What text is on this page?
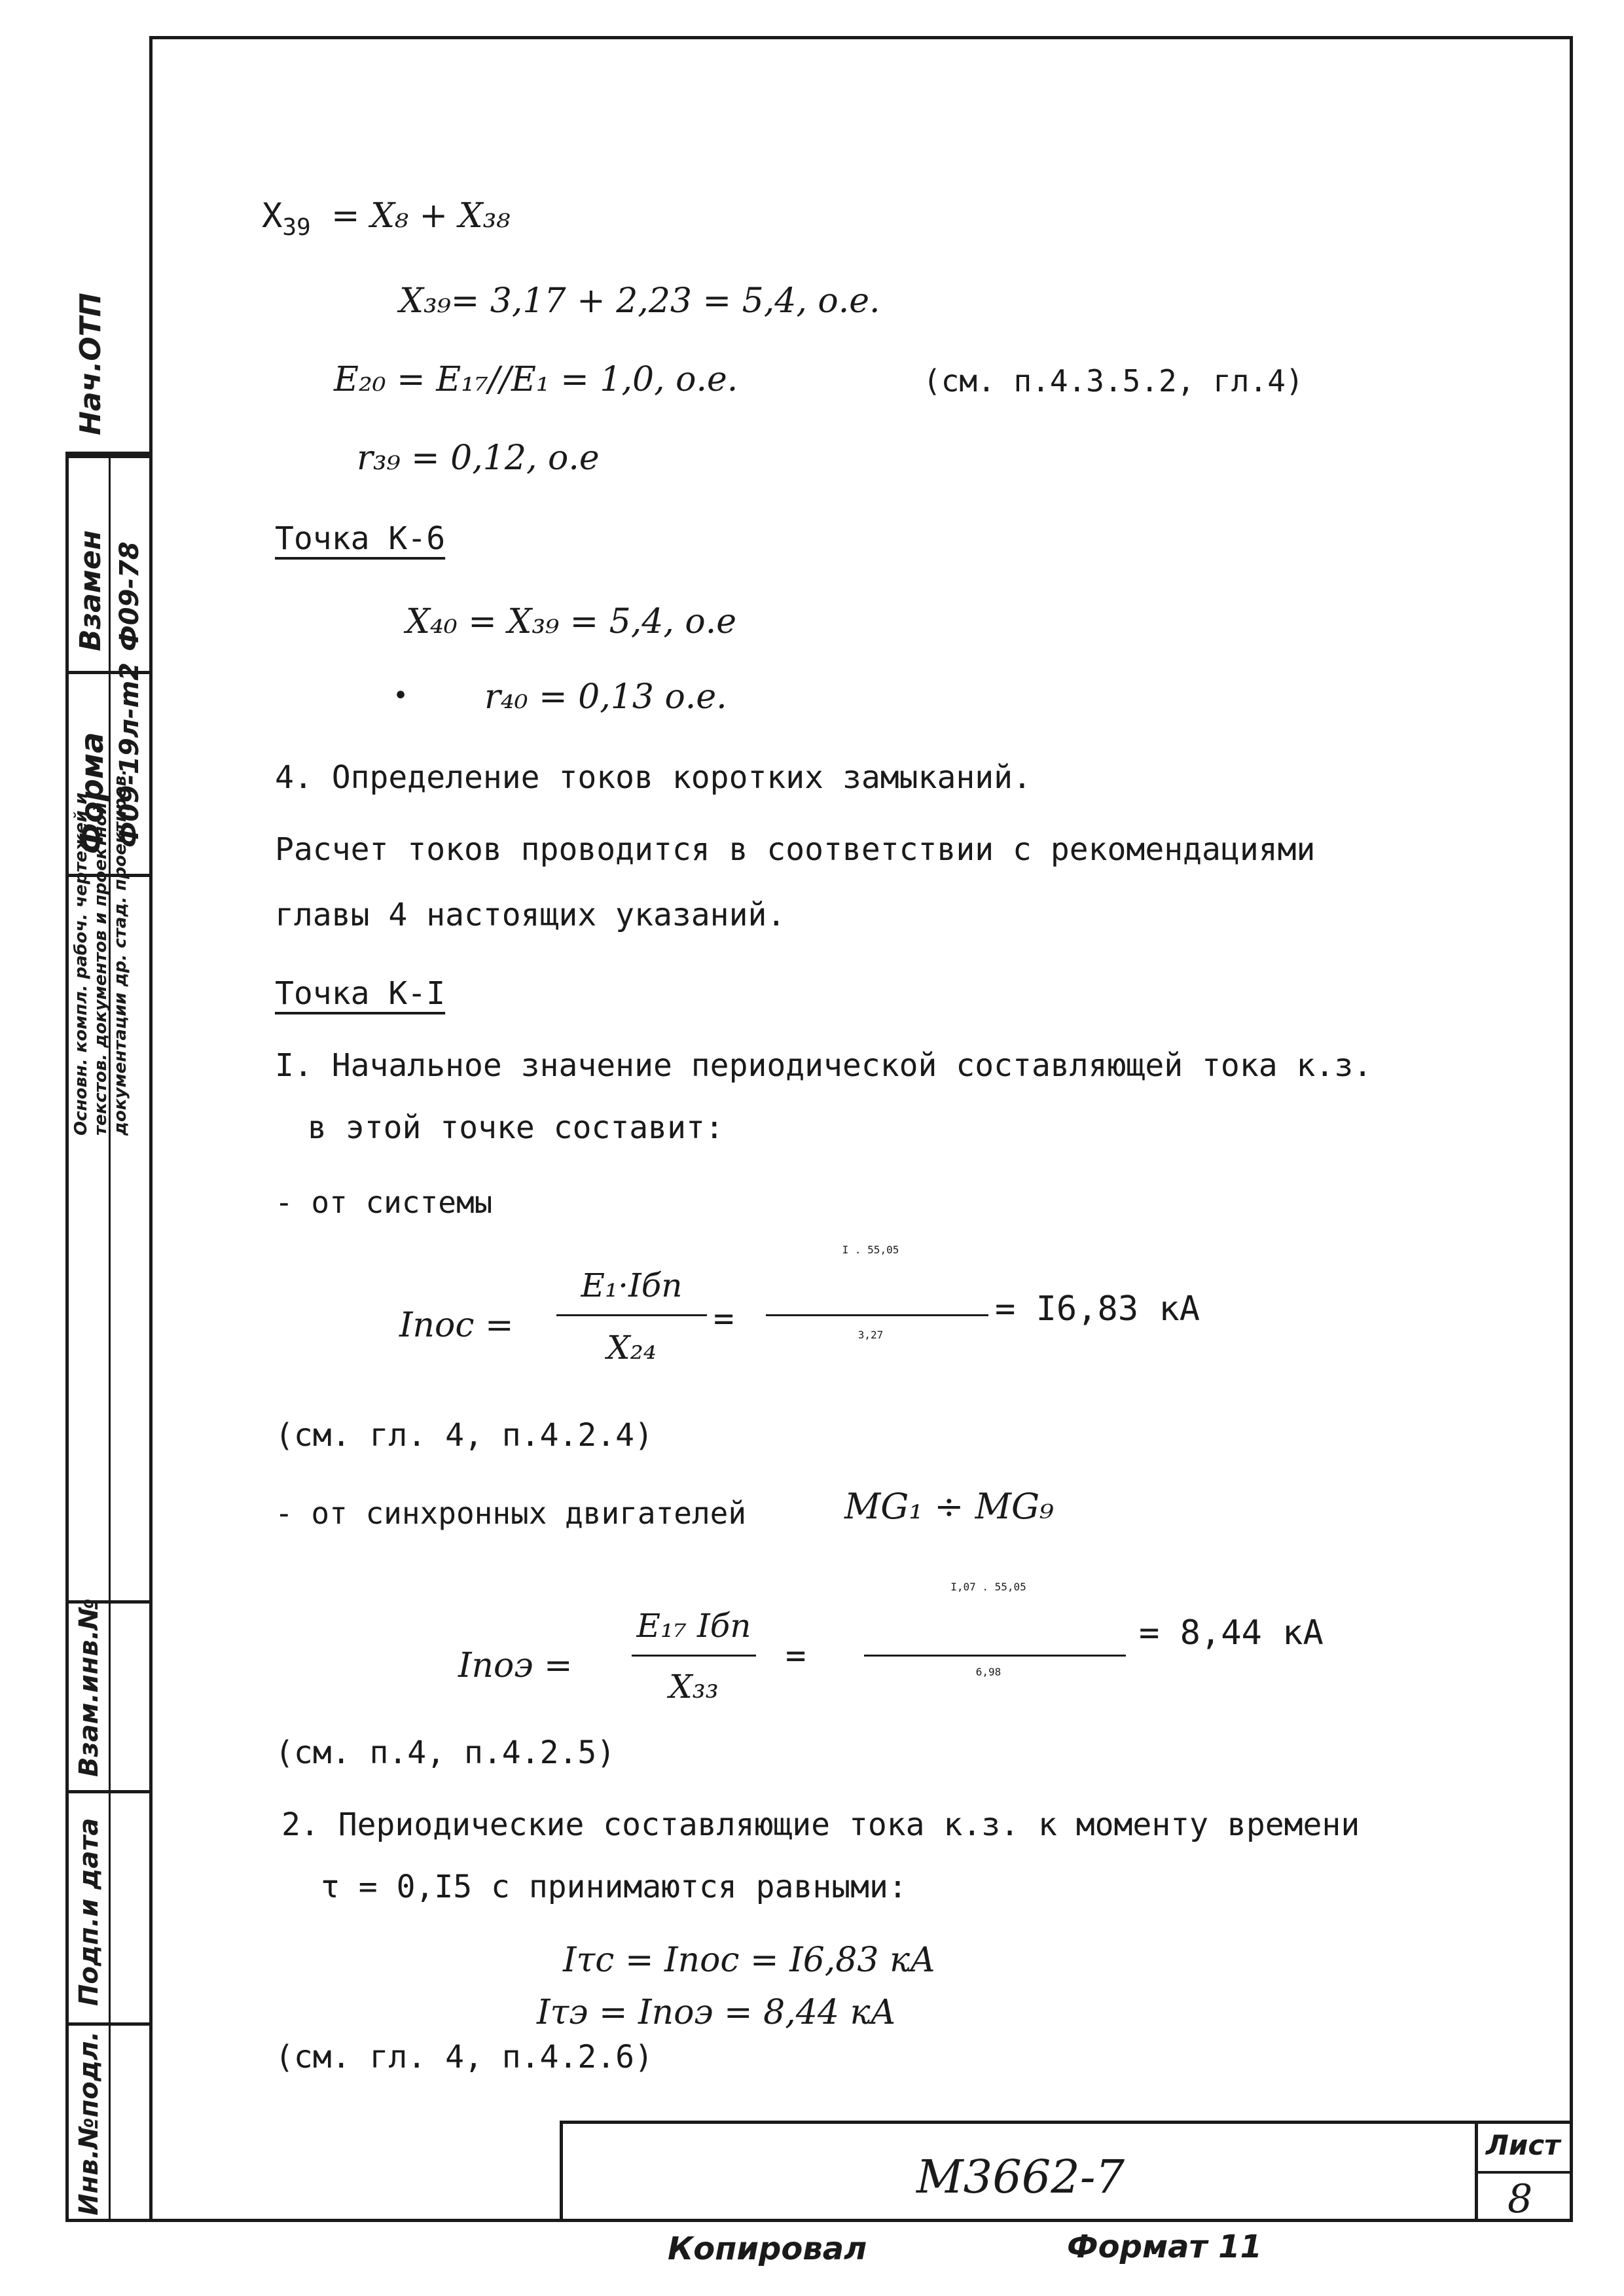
Нач.ОТП
Взамен Ф09-78
Форма Ф09-19л-m2
Основн. компл. рабоч. чертежей и текстов. документов и проектной документации др. стад. проектиров.
Взам.инв.№
Подп.и дата
Инв.№подл.
$X_{39} = X_8 + X_{38}$
X₃₉= 3,17 + 2,23 = 5,4, о.е.
E₂₀ = E₁₇//E₁ = 1,0, о.е.	(см. п.4.3.5.2, гл.4)
r₃₉ = 0,12, о.е
Точка К-6
X₄₀ = X₃₉ = 5,4, о.е
• r₄₀ = 0,13 о.е.
4. Определение токов коротких замыканий.
Расчет токов проводится в соответствии с рекомендациями
главы 4 настоящих указаний.
Точка К-I
I. Начальное значение периодической составляющей тока к.з.
в этой точке составит:
- от системы
Iпос =
E₁·Iбп
X₂₄
=
I . 55,05
3,27
= I6,83 кА
(см. гл. 4, п.4.2.4)
- от синхронных двигателей	MG₁ ÷ MG₉
Iпоэ =
E₁₇ Iбп
X₃₃
=
I,07 . 55,05
6,98
= 8,44 кА
(см. п.4, п.4.2.5)
2. Периодические составляющие тока к.з. к моменту времени
τ = 0,I5 с принимаются равными:
Iτс = Iпос = I6,83 кА
Iτэ = Iпоэ = 8,44 кА
(см. гл. 4, п.4.2.6)
M3662-7
Лист
8
Копировал	Формат 11
